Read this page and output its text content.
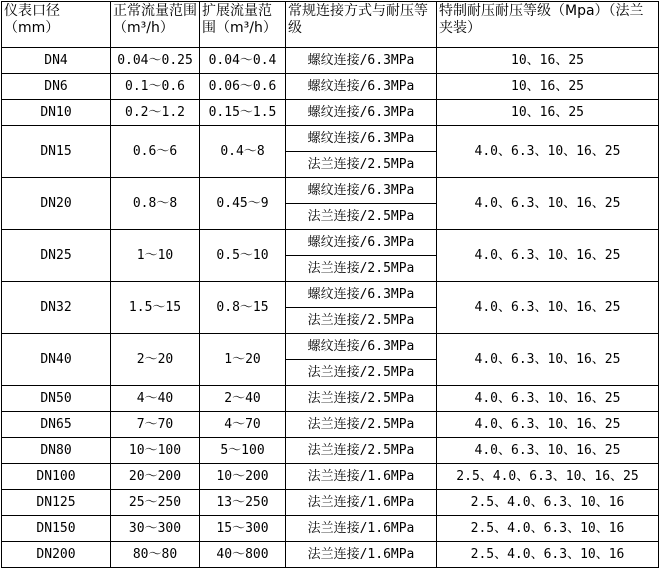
仪表口径（mm）	正常流量范围（m³/h）	扩展流量范围（m³/h）	常规连接方式与耐压等级	特制耐压耐压等级（Mpa）（法兰夹装）
DN4	0.04～0.25	0.04～0.4	螺纹连接/6.3MPa	10、16、25
DN6	0.1～0.6	0.06～0.6	螺纹连接/6.3MPa	10、16、25
DN10	0.2～1.2	0.15～1.5	螺纹连接/6.3MPa	10、16、25
DN15	0.6～6	0.4～8	螺纹连接/6.3MPa	4.0、6.3、10、16、25
			法兰连接/2.5MPa	
DN20	0.8～8	0.45～9	螺纹连接/6.3MPa	4.0、6.3、10、16、25
			法兰连接/2.5MPa	
DN25	1～10	0.5～10	螺纹连接/6.3MPa	4.0、6.3、10、16、25
			法兰连接/2.5MPa	
DN32	1.5～15	0.8～15	螺纹连接/6.3MPa	4.0、6.3、10、16、25
			法兰连接/2.5MPa	
DN40	2～20	1～20	螺纹连接/6.3MPa	4.0、6.3、10、16、25
			法兰连接/2.5MPa	
DN50	4～40	2～40	法兰连接/2.5MPa	4.0、6.3、10、16、25
DN65	7～70	4～70	法兰连接/2.5MPa	4.0、6.3、10、16、25
DN80	10～100	5～100	法兰连接/2.5MPa	4.0、6.3、10、16、25
DN100	20～200	10～200	法兰连接/1.6MPa	2.5、4.0、6.3、10、16、25
DN125	25～250	13～250	法兰连接/1.6MPa	2.5、4.0、6.3、10、16
DN150	30～300	15～300	法兰连接/1.6MPa	2.5、4.0、6.3、10、16
DN200	80～80	40～800	法兰连接/1.6MPa	2.5、4.0、6.3、10、16
